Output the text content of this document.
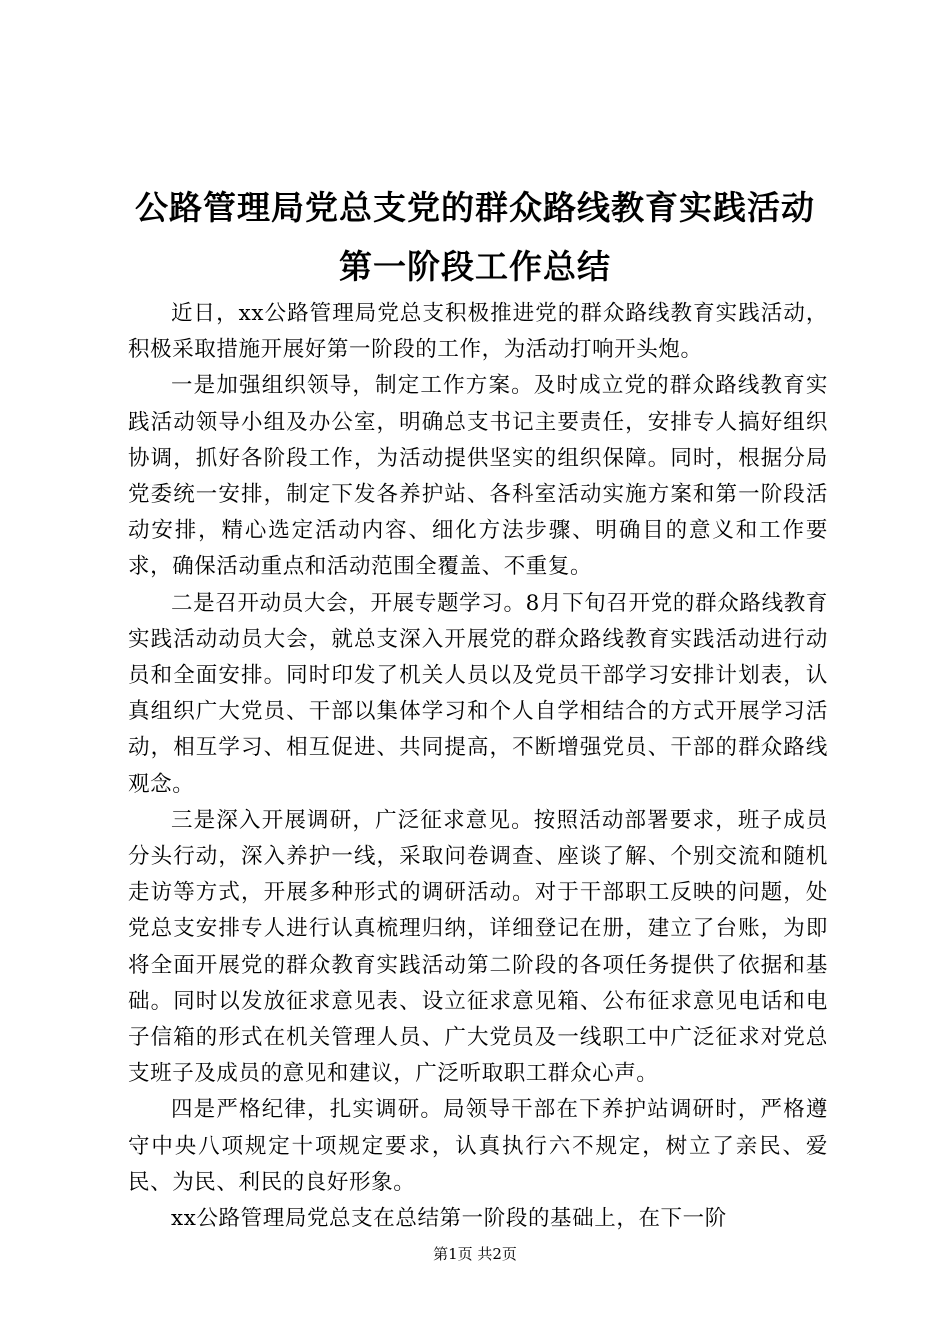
公路管理局党总支党的群众路线教育实践活动
第一阶段工作总结

近日，xx公路管理局党总支积极推进党的群众路线教育实践活动，积极采取措施开展好第一阶段的工作，为活动打响开头炮。

一是加强组织领导，制定工作方案。及时成立党的群众路线教育实践活动领导小组及办公室，明确总支书记主要责任，安排专人搞好组织协调，抓好各阶段工作，为活动提供坚实的组织保障。同时，根据分局党委统一安排，制定下发各养护站、各科室活动实施方案和第一阶段活动安排，精心选定活动内容、细化方法步骤、明确目的意义和工作要求，确保活动重点和活动范围全覆盖、不重复。

二是召开动员大会，开展专题学习。8月下旬召开党的群众路线教育实践活动动员大会，就总支深入开展党的群众路线教育实践活动进行动员和全面安排。同时印发了机关人员以及党员干部学习安排计划表，认真组织广大党员、干部以集体学习和个人自学相结合的方式开展学习活动，相互学习、相互促进、共同提高，不断增强党员、干部的群众路线观念。

三是深入开展调研，广泛征求意见。按照活动部署要求，班子成员分头行动，深入养护一线，采取问卷调查、座谈了解、个别交流和随机走访等方式，开展多种形式的调研活动。对于干部职工反映的问题，处党总支安排专人进行认真梳理归纳，详细登记在册，建立了台账，为即将全面开展党的群众教育实践活动第二阶段的各项任务提供了依据和基础。同时以发放征求意见表、设立征求意见箱、公布征求意见电话和电子信箱的形式在机关管理人员、广大党员及一线职工中广泛征求对党总支班子及成员的意见和建议，广泛听取职工群众心声。

四是严格纪律，扎实调研。局领导干部在下养护站调研时，严格遵守中央八项规定十项规定要求，认真执行六不规定，树立了亲民、爱民、为民、利民的良好形象。

xx公路管理局党总支在总结第一阶段的基础上，在下一阶

第1页 共2页
